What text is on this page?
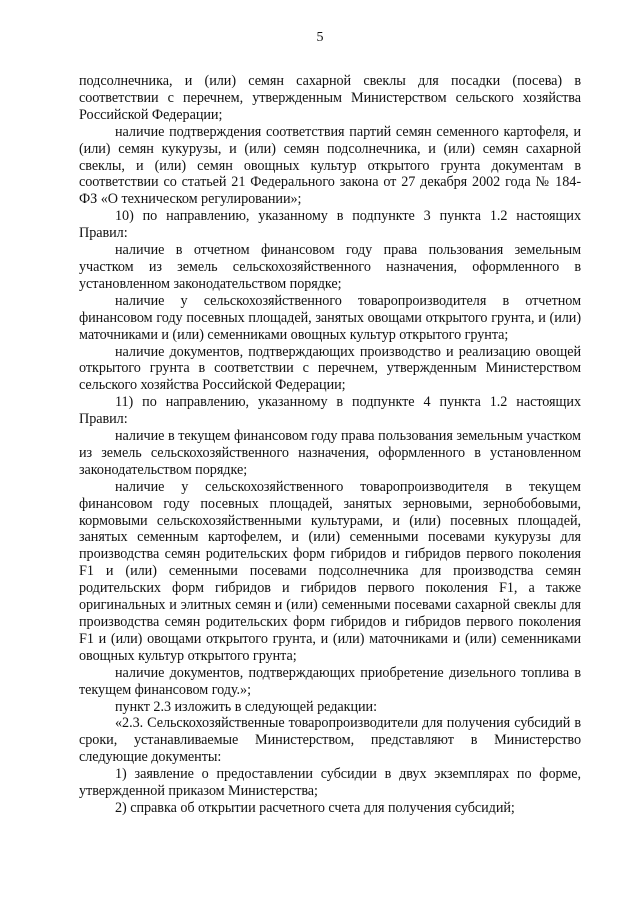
5

подсолнечника, и (или) семян сахарной свеклы для посадки (посева) в соответствии с перечнем, утвержденным Министерством сельского хозяйства Российской Федерации;

наличие подтверждения соответствия партий семян семенного картофеля, и (или) семян кукурузы, и (или) семян подсолнечника, и (или) семян сахарной свеклы, и (или) семян овощных культур открытого грунта документам в соответствии со статьей 21 Федерального закона от 27 декабря 2002 года № 184-ФЗ «О техническом регулировании»;

10) по направлению, указанному в подпункте 3 пункта 1.2 настоящих Правил:

наличие в отчетном финансовом году права пользования земельным участком из земель сельскохозяйственного назначения, оформленного в установленном законодательством порядке;

наличие у сельскохозяйственного товаропроизводителя в отчетном финансовом году посевных площадей, занятых овощами открытого грунта, и (или) маточниками и (или) семенниками овощных культур открытого грунта;

наличие документов, подтверждающих производство и реализацию овощей открытого грунта в соответствии с перечнем, утвержденным Министерством сельского хозяйства Российской Федерации;

11) по направлению, указанному в подпункте 4 пункта 1.2 настоящих Правил:

наличие в текущем финансовом году права пользования земельным участком из земель сельскохозяйственного назначения, оформленного в установленном законодательством порядке;

наличие у сельскохозяйственного товаропроизводителя в текущем финансовом году посевных площадей, занятых зерновыми, зернобобовыми, кормовыми сельскохозяйственными культурами, и (или) посевных площадей, занятых семенным картофелем, и (или) семенными посевами кукурузы для производства семян родительских форм гибридов и гибридов первого поколения F1 и (или) семенными посевами подсолнечника для производства семян родительских форм гибридов и гибридов первого поколения F1, а также оригинальных и элитных семян и (или) семенными посевами сахарной свеклы для производства семян родительских форм гибридов и гибридов первого поколения F1 и (или) овощами открытого грунта, и (или) маточниками и (или) семенниками овощных культур открытого грунта;

наличие документов, подтверждающих приобретение дизельного топлива в текущем финансовом году.»;

пункт 2.3 изложить в следующей редакции:

«2.3. Сельскохозяйственные товаропроизводители для получения субсидий в сроки, устанавливаемые Министерством, представляют в Министерство следующие документы:

1) заявление о предоставлении субсидии в двух экземплярах по форме, утвержденной приказом Министерства;

2) справка об открытии расчетного счета для получения субсидий;
